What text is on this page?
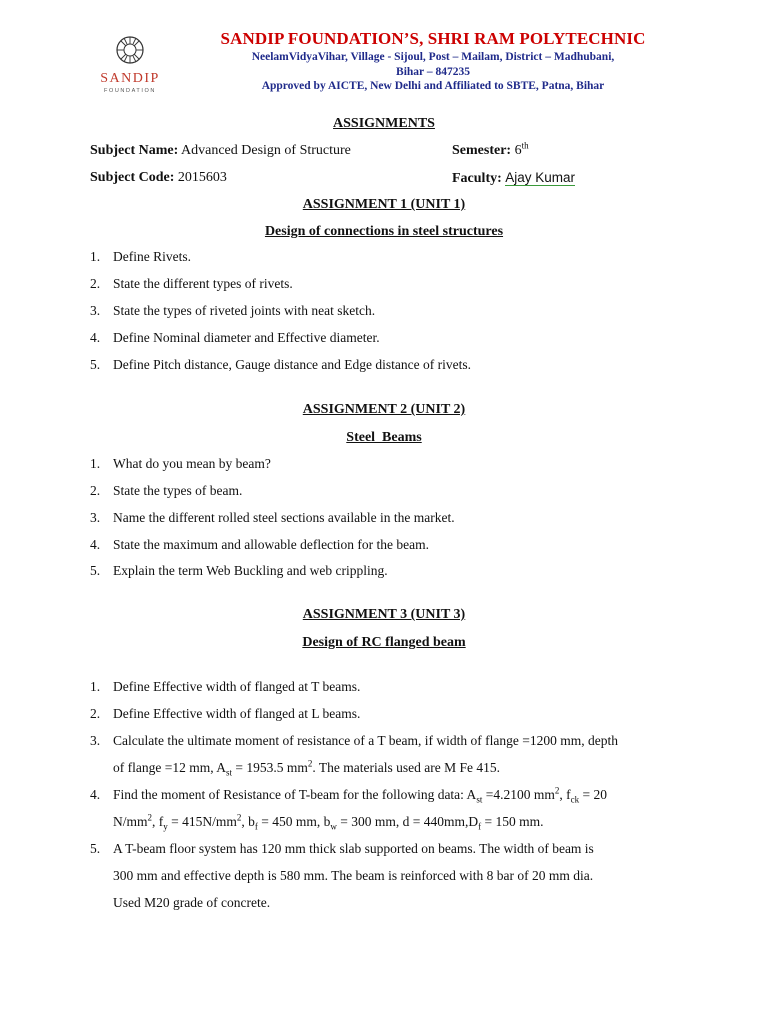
SANDIP
FOUNDATION
SANDIP FOUNDATION’S, SHRI RAM POLYTECHNIC
NeelamVidyaVihar, Village - Sijoul, Post – Mailam, District – Madhubani,
Bihar – 847235
Approved by AICTE, New Delhi and Affiliated to SBTE, Patna, Bihar
ASSIGNMENTS
Subject Name: Advanced Design of Structure	Semester: 6th
Subject Code: 2015603	Faculty: Ajay Kumar
ASSIGNMENT 1 (UNIT 1)
Design of connections in steel structures
1. Define Rivets.
2. State the different types of rivets.
3. State the types of riveted joints with neat sketch.
4. Define Nominal diameter and Effective diameter.
5. Define Pitch distance, Gauge distance and Edge distance of rivets.
ASSIGNMENT 2 (UNIT 2)
Steel  Beams
1. What do you mean by beam?
2. State the types of beam.
3. Name the different rolled steel sections available in the market.
4. State the maximum and allowable deflection for the beam.
5. Explain the term Web Buckling and web crippling.
ASSIGNMENT 3 (UNIT 3)
Design of RC flanged beam
1. Define Effective width of flanged at T beams.
2. Define Effective width of flanged at L beams.
3. Calculate the ultimate moment of resistance of a T beam, if width of flange =1200 mm, depth
of flange =12 mm, $A_{st} = 1953.5$ $mm^2$. The materials used are M Fe 415.
4. Find the moment of Resistance of T-beam for the following data: $A_{st} =4.2100$ $mm^2$, $f_{ck} = 20$
$N/mm^2$, $f_y = 415N/mm^2$, $b_f = 450$ mm, $b_w = 300$ mm, $d = 440mm,D_f = 150$ mm.
5. A T-beam floor system has 120 mm thick slab supported on beams. The width of beam is
300 mm and effective depth is 580 mm. The beam is reinforced with 8 bar of 20 mm dia.
Used M20 grade of concrete.
